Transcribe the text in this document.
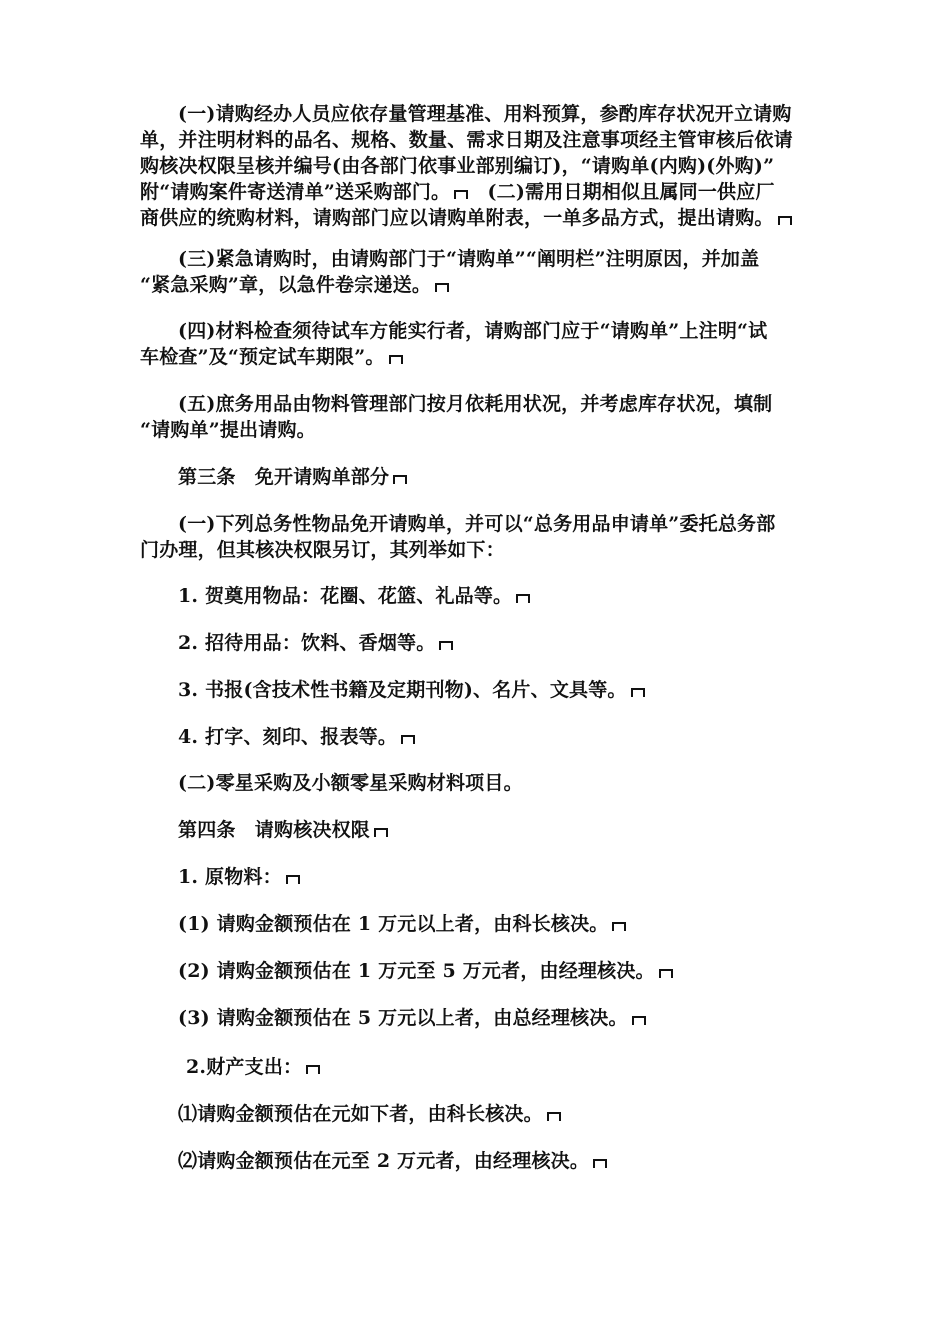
(一)请购经办人员应依存量管理基准、用料预算，参酌库存状况开立请购
单，并注明材料的品名、规格、数量、需求日期及注意事项经主管审核后依请
购核决权限呈核并编号(由各部门依事业部别编订)，“请购单(内购)(外购)”
附“请购案件寄送清单”送采购部门。  (二)需用日期相似且属同一供应厂
商供应的统购材料，请购部门应以请购单附表，一单多品方式，提出请购。
(三)紧急请购时，由请购部门于“请购单”“阐明栏”注明原因，并加盖
“紧急采购”章，以急件卷宗递送。
(四)材料检查须待试车方能实行者，请购部门应于“请购单”上注明“试
车检查”及“预定试车期限”。
(五)庶务用品由物料管理部门按月依耗用状况，并考虑库存状况，填制
“请购单”提出请购。
第三条　免开请购单部分
(一)下列总务性物品免开请购单，并可以“总务用品申请单”委托总务部
门办理，但其核决权限另订，其列举如下：
1. 贺奠用物品：花圈、花篮、礼品等。
2. 招待用品：饮料、香烟等。
3. 书报(含技术性书籍及定期刊物)、名片、文具等。
4. 打字、刻印、报表等。
(二)零星采购及小额零星采购材料项目。
第四条　请购核决权限
1. 原物料：
(1) 请购金额预估在 1 万元以上者，由科长核决。
(2) 请购金额预估在 1 万元至 5 万元者，由经理核决。
(3) 请购金额预估在 5 万元以上者，由总经理核决。
2.财产支出：
⑴请购金额预估在元如下者，由科长核决。
⑵请购金额预估在元至 2 万元者，由经理核决。
